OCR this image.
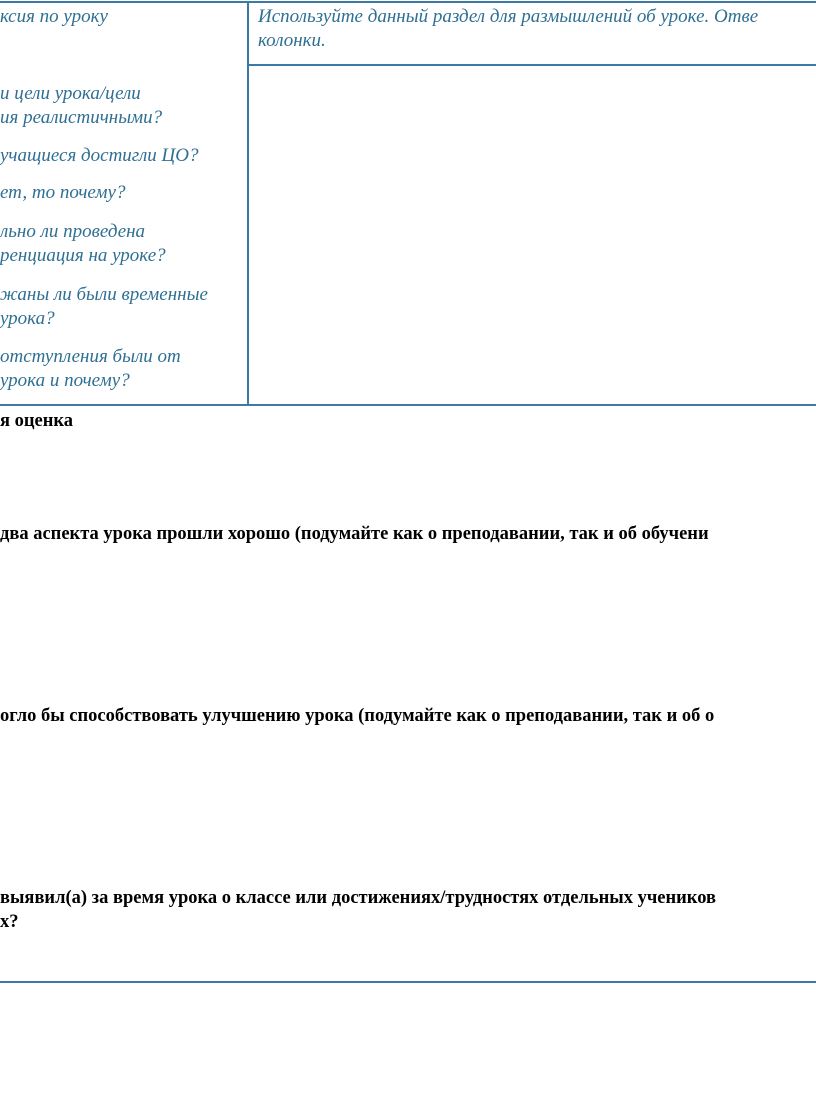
ксия по уроку	Используйте данный раздел для размышлений об уроке. Отве
колонки.
и цели урока/цели
ия реалистичными?
учащиеся достигли ЦО?
ет, то почему?
льно ли проведена
ренциация на уроке?
жаны ли были временные
урока?
отступления были от
урока и почему?
я оценка
два аспекта урока прошли хорошо (подумайте как о преподавании, так и об обучени
огло бы способствовать улучшению урока (подумайте как о преподавании, так и об о
выявил(а) за время урока о классе или достижениях/трудностях отдельных учеников
х?
